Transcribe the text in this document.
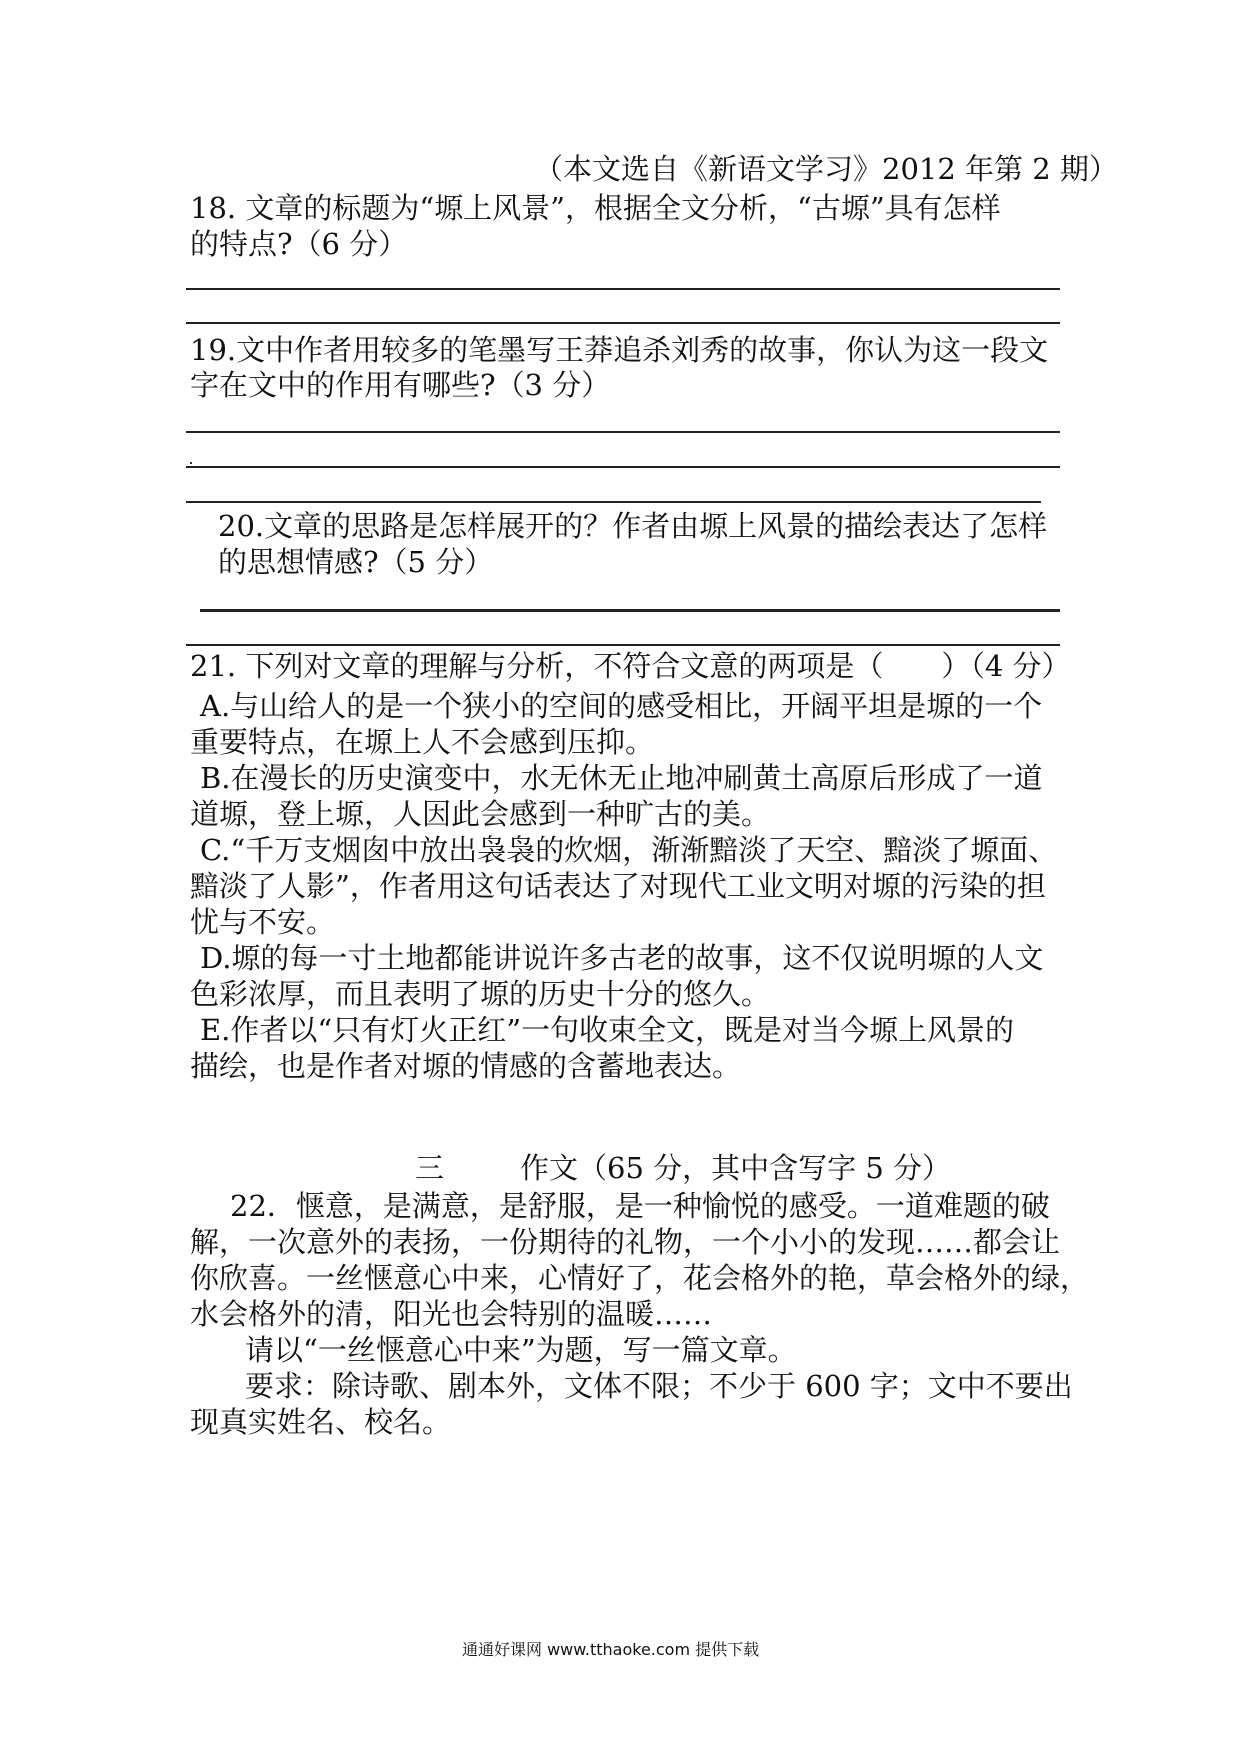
（本文选自《新语文学习》2012 年第 2 期）
18. 文章的标题为“塬上风景”，根据全文分析，“古塬”具有怎样
的特点?（6 分）
19.文中作者用较多的笔墨写王莽追杀刘秀的故事，你认为这一段文
字在文中的作用有哪些?（3 分）
20.文章的思路是怎样展开的？作者由塬上风景的描绘表达了怎样
的思想情感?（5 分）
21. 下列对文章的理解与分析，不符合文意的两项是（　　）（4 分）
A.与山给人的是一个狭小的空间的感受相比，开阔平坦是塬的一个
重要特点，在塬上人不会感到压抑。
B.在漫长的历史演变中，水无休无止地冲刷黄土高原后形成了一道
道塬，登上塬，人因此会感到一种旷古的美。
C.“千万支烟囱中放出袅袅的炊烟，渐渐黯淡了天空、黯淡了塬面、
黯淡了人影”，作者用这句话表达了对现代工业文明对塬的污染的担
忧与不安。
D.塬的每一寸土地都能讲说许多古老的故事，这不仅说明塬的人文
色彩浓厚，而且表明了塬的历史十分的悠久。
E.作者以“只有灯火正红”一句收束全文，既是对当今塬上风景的
描绘，也是作者对塬的情感的含蓄地表达。
三	作文（65 分，其中含写字 5 分）
22．惬意，是满意，是舒服，是一种愉悦的感受。一道难题的破
解，一次意外的表扬，一份期待的礼物，一个小小的发现……都会让
你欣喜。一丝惬意心中来，心情好了，花会格外的艳，草会格外的绿，
水会格外的清，阳光也会特别的温暖……
请以“一丝惬意心中来”为题，写一篇文章。
要求：除诗歌、剧本外，文体不限；不少于 600 字；文中不要出
现真实姓名、校名。
通通好课网 www.tthaoke.com 提供下载
